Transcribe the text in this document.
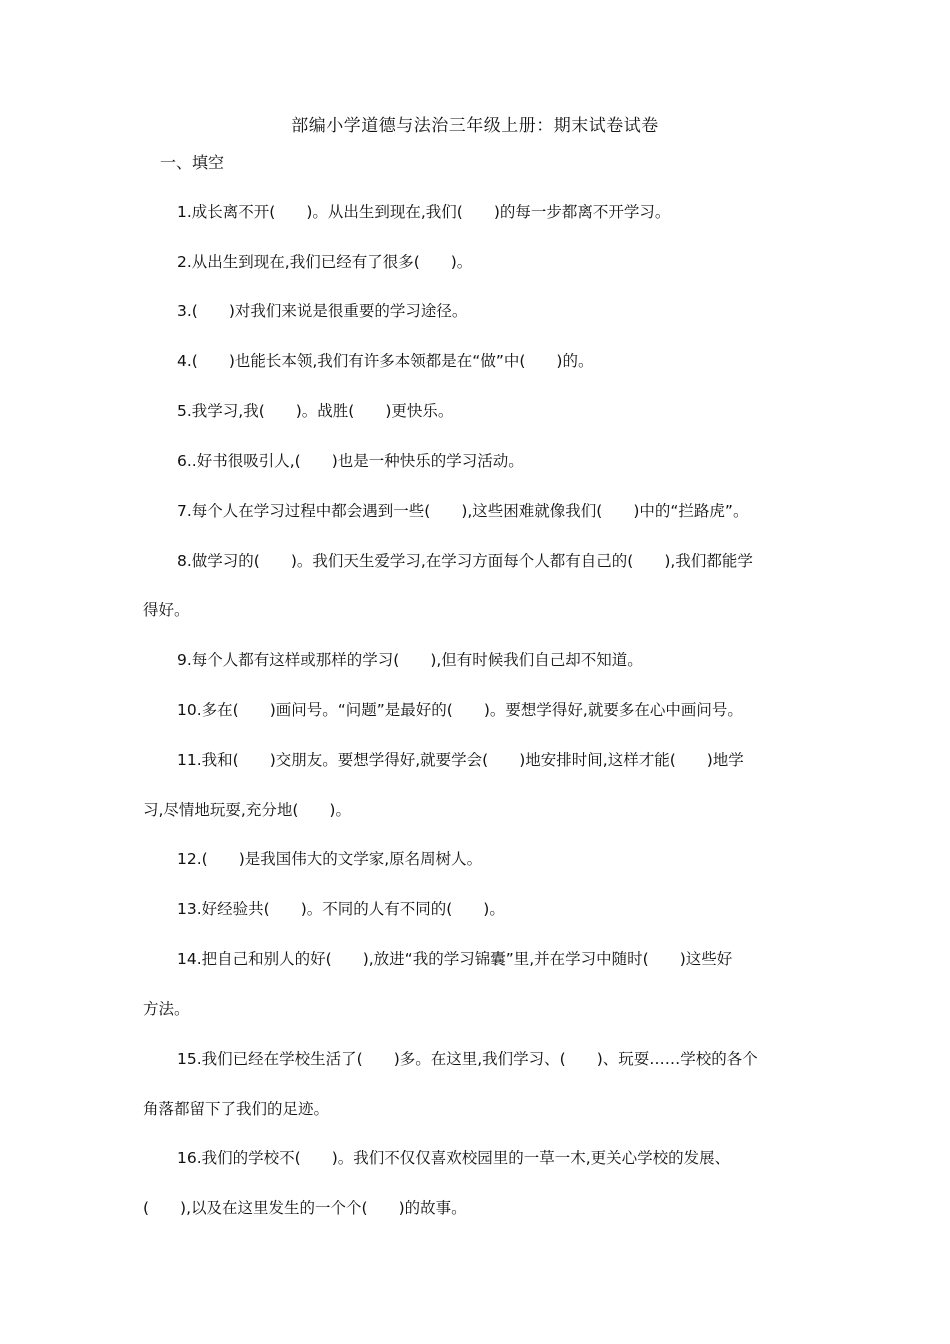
部编小学道德与法治三年级上册：期末试卷试卷
一、填空
1.成长离不开(　　)。从出生到现在,我们(　　)的每一步都离不开学习。
2.从出生到现在,我们已经有了很多(　　)。
3.(　　)对我们来说是很重要的学习途径。
4.(　　)也能长本领,我们有许多本领都是在“做”中(　　)的。
5.我学习,我(　　)。战胜(　　)更快乐。
6..好书很吸引人,(　　)也是一种快乐的学习活动。
7.每个人在学习过程中都会遇到一些(　　),这些困难就像我们(　　)中的“拦路虎”。
8.做学习的(　　)。我们天生爱学习,在学习方面每个人都有自己的(　　),我们都能学
得好。
9.每个人都有这样或那样的学习(　　),但有时候我们自己却不知道。
10.多在(　　)画问号。“问题”是最好的(　　)。要想学得好,就要多在心中画问号。
11.我和(　　)交朋友。要想学得好,就要学会(　　)地安排时间,这样才能(　　)地学
习,尽情地玩耍,充分地(　　)。
12.(　　)是我国伟大的文学家,原名周树人。
13.好经验共(　　)。不同的人有不同的(　　)。
14.把自己和别人的好(　　),放进“我的学习锦囊”里,并在学习中随时(　　)这些好
方法。
15.我们已经在学校生活了(　　)多。在这里,我们学习、(　　)、玩耍……学校的各个
角落都留下了我们的足迹。
16.我们的学校不(　　)。我们不仅仅喜欢校园里的一草一木,更关心学校的发展、
(　　),以及在这里发生的一个个(　　)的故事。
